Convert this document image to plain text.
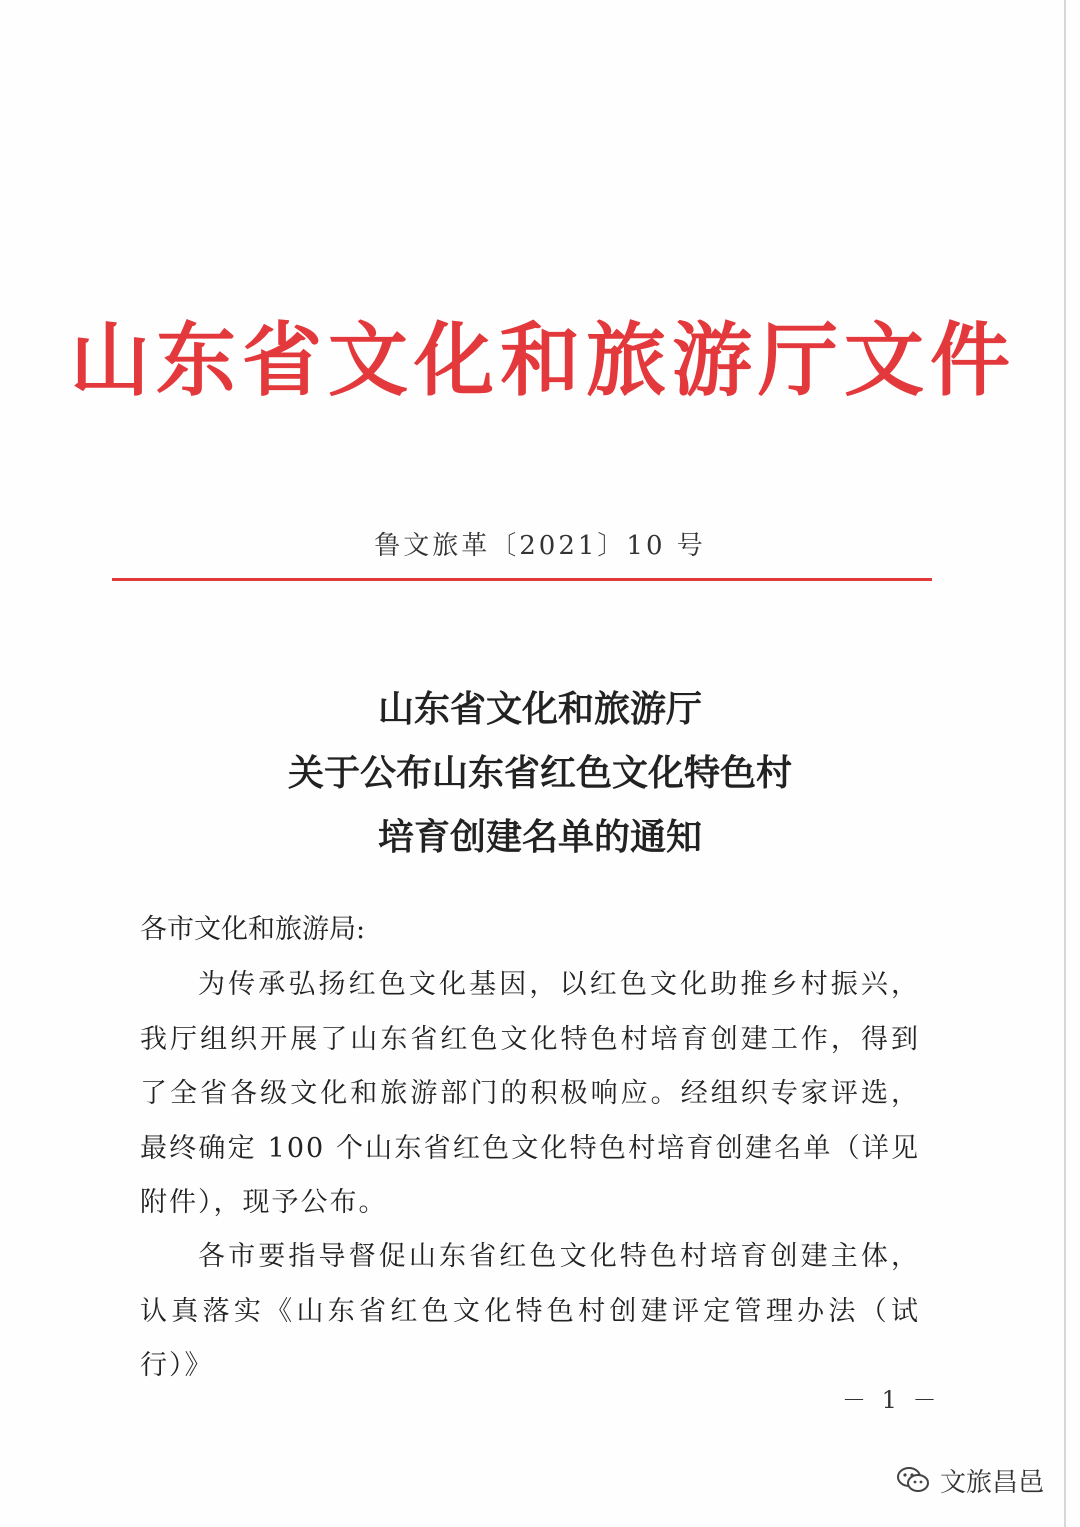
山东省文化和旅游厅文件
鲁文旅革〔2021〕10 号
山东省文化和旅游厅
关于公布山东省红色文化特色村
培育创建名单的通知
各市文化和旅游局:
为传承弘扬红色文化基因，以红色文化助推乡村振兴，我厅组织开展了山东省红色文化特色村培育创建工作，得到了全省各级文化和旅游部门的积极响应。经组织专家评选，最终确定 100 个山东省红色文化特色村培育创建名单（详见附件），现予公布。
各市要指导督促山东省红色文化特色村培育创建主体，认真落实《山东省红色文化特色村创建评定管理办法（试行）》
－ 1 －
文旅昌邑
